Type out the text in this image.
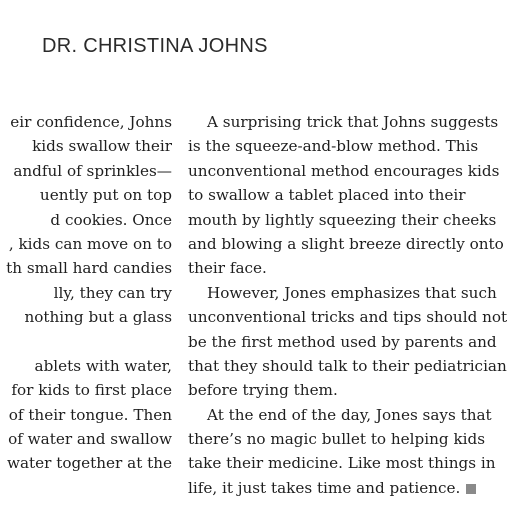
DR. CHRISTINA JOHNS
eir confidence, Johns
kids swallow their
andful of sprinkles—
uently put on top
d cookies. Once
, kids can move on to
th small hard candies
lly, they can try
nothing but a glass
ablets with water,
for kids to first place
of their tongue. Then
of water and swallow
water together at the
A surprising trick that Johns suggests
is the squeeze-and-blow method. This
unconventional method encourages kids
to swallow a tablet placed into their
mouth by lightly squeezing their cheeks
and blowing a slight breeze directly onto
their face.
However, Jones emphasizes that such
unconventional tricks and tips should not
be the first method used by parents and
that they should talk to their pediatrician
before trying them.
At the end of the day, Jones says that
there’s no magic bullet to helping kids
take their medicine. Like most things in
life, it just takes time and patience.
